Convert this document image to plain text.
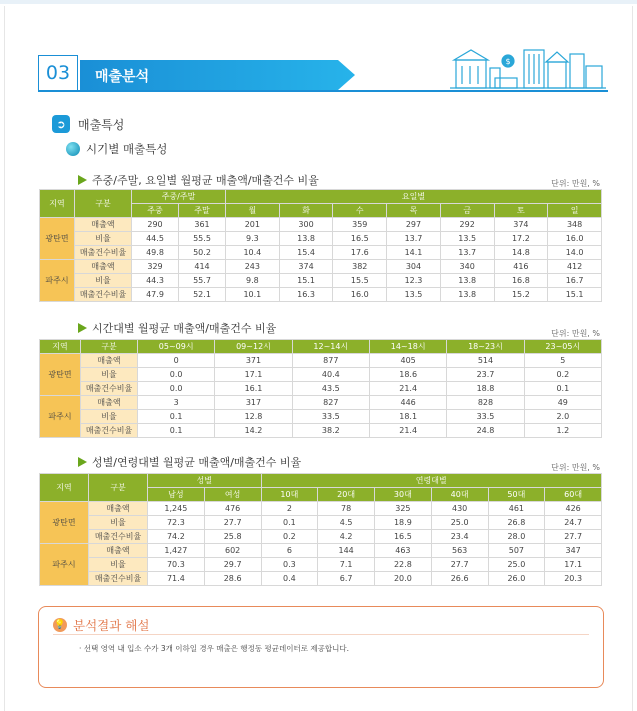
03	매출분석
$
➲	매출특성
시기별 매출특성
주중/주말, 요일별 월평균 매출액/매출건수 비율	단위: 만원, %
지역	구분	주중/주말		요일별						
		주중	주말	월	화	수	목	금	토	일
광탄면	매출액	290	361	201	300	359	297	292	374	348
	비율	44.5	55.5	9.3	13.8	16.5	13.7	13.5	17.2	16.0
	매출건수비율	49.8	50.2	10.4	15.4	17.6	14.1	13.7	14.8	14.0
파주시	매출액	329	414	243	374	382	304	340	416	412
	비율	44.3	55.7	9.8	15.1	15.5	12.3	13.8	16.8	16.7
	매출건수비율	47.9	52.1	10.1	16.3	16.0	13.5	13.8	15.2	15.1
시간대별 월평균 매출액/매출건수 비율	단위: 만원, %
지역	구분	05~09시	09~12시	12~14시	14~18시	18~23시	23~05시
광탄면	매출액	0	371	877	405	514	5
	비율	0.0	17.1	40.4	18.6	23.7	0.2
	매출건수비율	0.0	16.1	43.5	21.4	18.8	0.1
파주시	매출액	3	317	827	446	828	49
	비율	0.1	12.8	33.5	18.1	33.5	2.0
	매출건수비율	0.1	14.2	38.2	21.4	24.8	1.2
성별/연령대별 월평균 매출액/매출건수 비율	단위: 만원, %
지역	구분	성별		연령대별					
		남성	여성	10대	20대	30대	40대	50대	60대
광탄면	매출액	1,245	476	2	78	325	430	461	426
	비율	72.3	27.7	0.1	4.5	18.9	25.0	26.8	24.7
	매출건수비율	74.2	25.8	0.2	4.2	16.5	23.4	28.0	27.7
파주시	매출액	1,427	602	6	144	463	563	507	347
	비율	70.3	29.7	0.3	7.1	22.8	27.7	25.0	17.1
	매출건수비율	71.4	28.6	0.4	6.7	20.0	26.6	26.0	20.3
💡 분석결과 해설
· 선택 영역 내 입소 수가 3개 이하일 경우 매출은 행정동 평균데이터로 제공합니다.
